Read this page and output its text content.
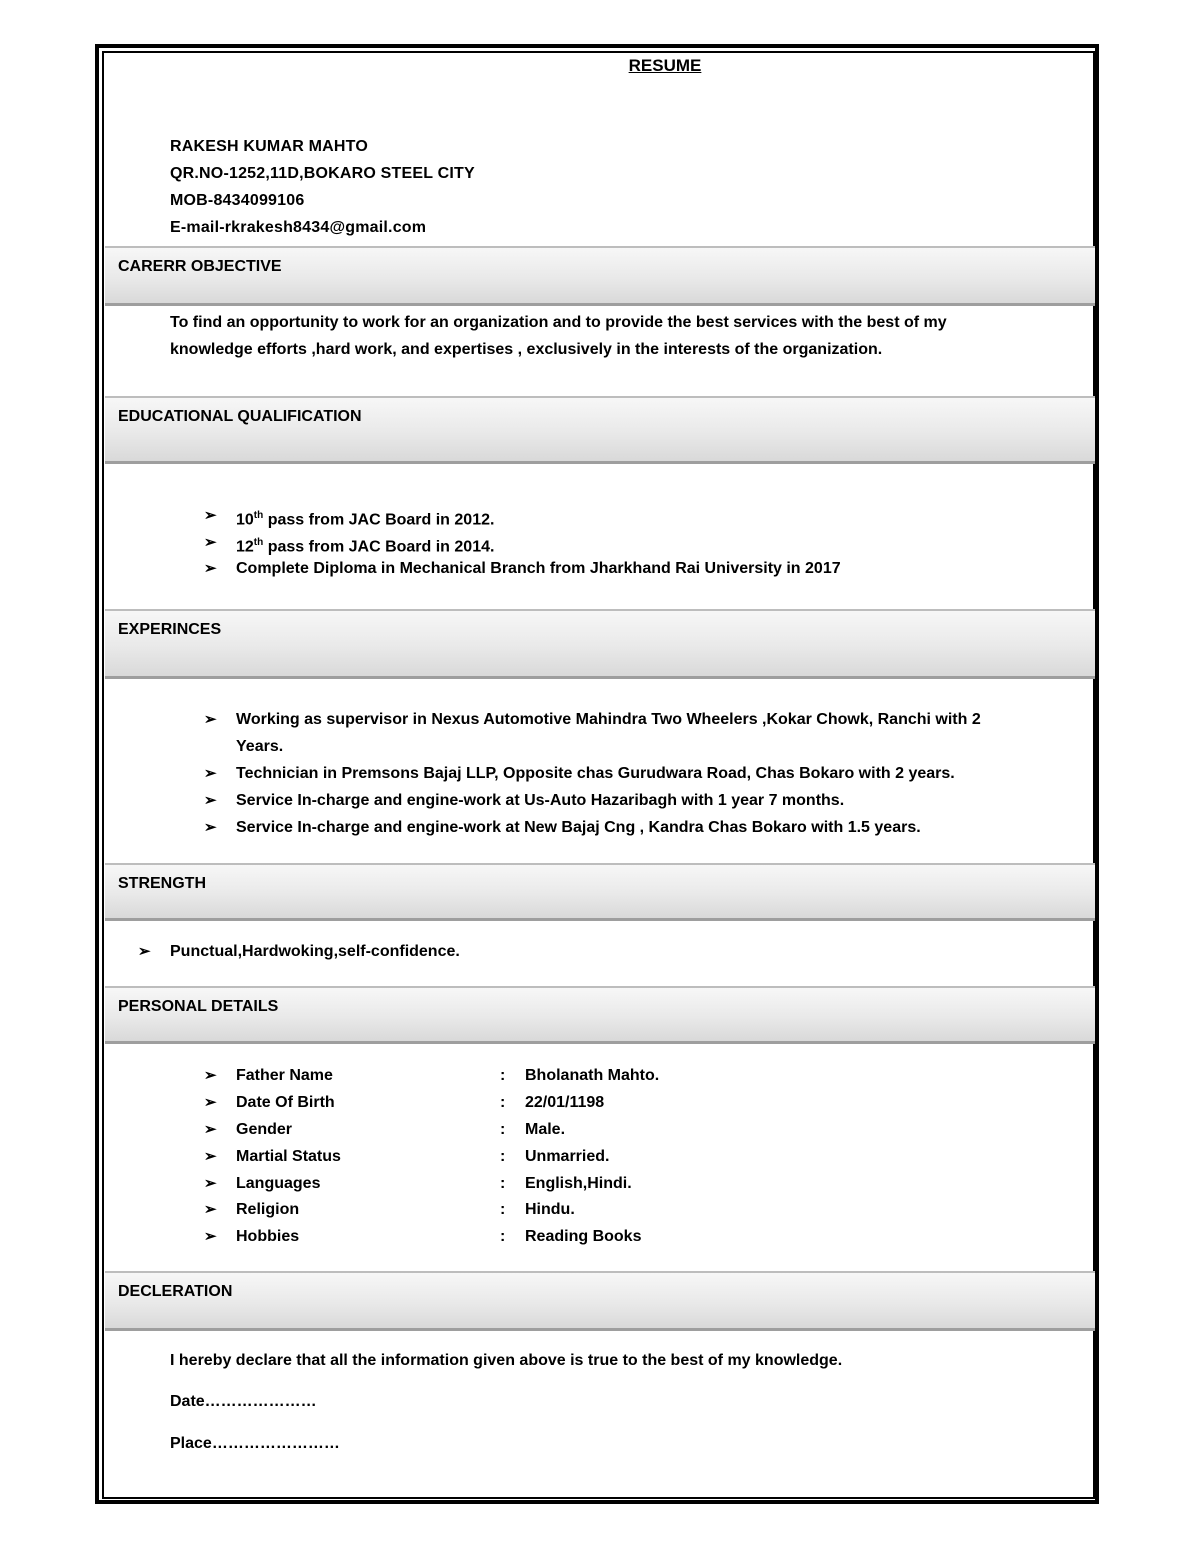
RESUME
RAKESH KUMAR MAHTO
QR.NO-1252,11D,BOKARO STEEL CITY
MOB-8434099106
E-mail-rkrakesh8434@gmail.com
CARERR OBJECTIVE
To find an opportunity to work for an organization and to provide the best services with the best of my
knowledge efforts ,hard work, and expertises , exclusively in the interests of the organization.
EDUCATIONAL QUALIFICATION
➢ 10th pass from JAC Board in 2012.
➢ 12th pass from JAC Board in 2014.
➢ Complete Diploma in Mechanical Branch from Jharkhand Rai University in 2017
EXPERINCES
➢ Working as supervisor in Nexus Automotive Mahindra Two Wheelers ,Kokar Chowk, Ranchi with 2
Years.
➢ Technician in Premsons Bajaj LLP, Opposite chas Gurudwara Road, Chas Bokaro with 2 years.
➢ Service In-charge and engine-work at Us-Auto Hazaribagh with 1 year 7 months.
➢ Service In-charge and engine-work at New Bajaj Cng , Kandra Chas Bokaro with 1.5 years.
STRENGTH
➢ Punctual,Hardwoking,self-confidence.
PERSONAL DETAILS
➢ Father Name	: Bholanath Mahto.
➢ Date Of Birth	: 22/01/1198
➢ Gender	: Male.
➢ Martial Status	: Unmarried.
➢ Languages	: English,Hindi.
➢ Religion	: Hindu.
➢ Hobbies	: Reading Books
DECLERATION
I hereby declare that all the information given above is true to the best of my knowledge.
Date…………………
Place……………………
